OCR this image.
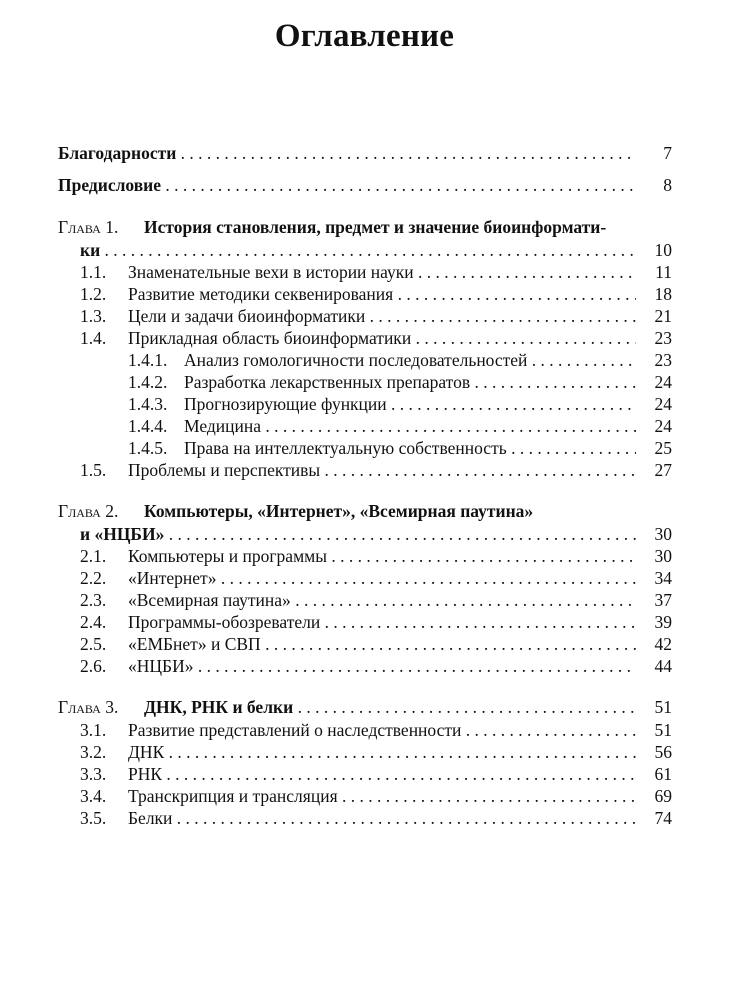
Оглавление
Благодарности . .	7
Предисловие . .	8
Глава 1. История становления, предмет и значение биоинформати-
ки . .	10
1.1. Знаменательные вехи в истории науки . .	11
1.2. Развитие методики секвенирования . .	18
1.3. Цели и задачи биоинформатики . .	21
1.4. Прикладная область биоинформатики . .	23
1.4.1. Анализ гомологичности последовательностей . .	23
1.4.2. Разработка лекарственных препаратов . .	24
1.4.3. Прогнозирующие функции . .	24
1.4.4. Медицина . .	24
1.4.5. Права на интеллектуальную собственность . .	25
1.5. Проблемы и перспективы . .	27
Глава 2. Компьютеры, «Интернет», «Всемирная паутина»
и «НЦБИ» . .	30
2.1. Компьютеры и программы . .	30
2.2. «Интернет» . .	34
2.3. «Всемирная паутина» . .	37
2.4. Программы-обозреватели . .	39
2.5. «ЕМБнет» и СВП . .	42
2.6. «НЦБИ» . .	44
Глава 3. ДНК, РНК и белки . .	51
3.1. Развитие представлений о наследственности . .	51
3.2. ДНК . .	56
3.3. РНК . .	61
3.4. Транскрипция и трансляция . .	69
3.5. Белки . .	74
